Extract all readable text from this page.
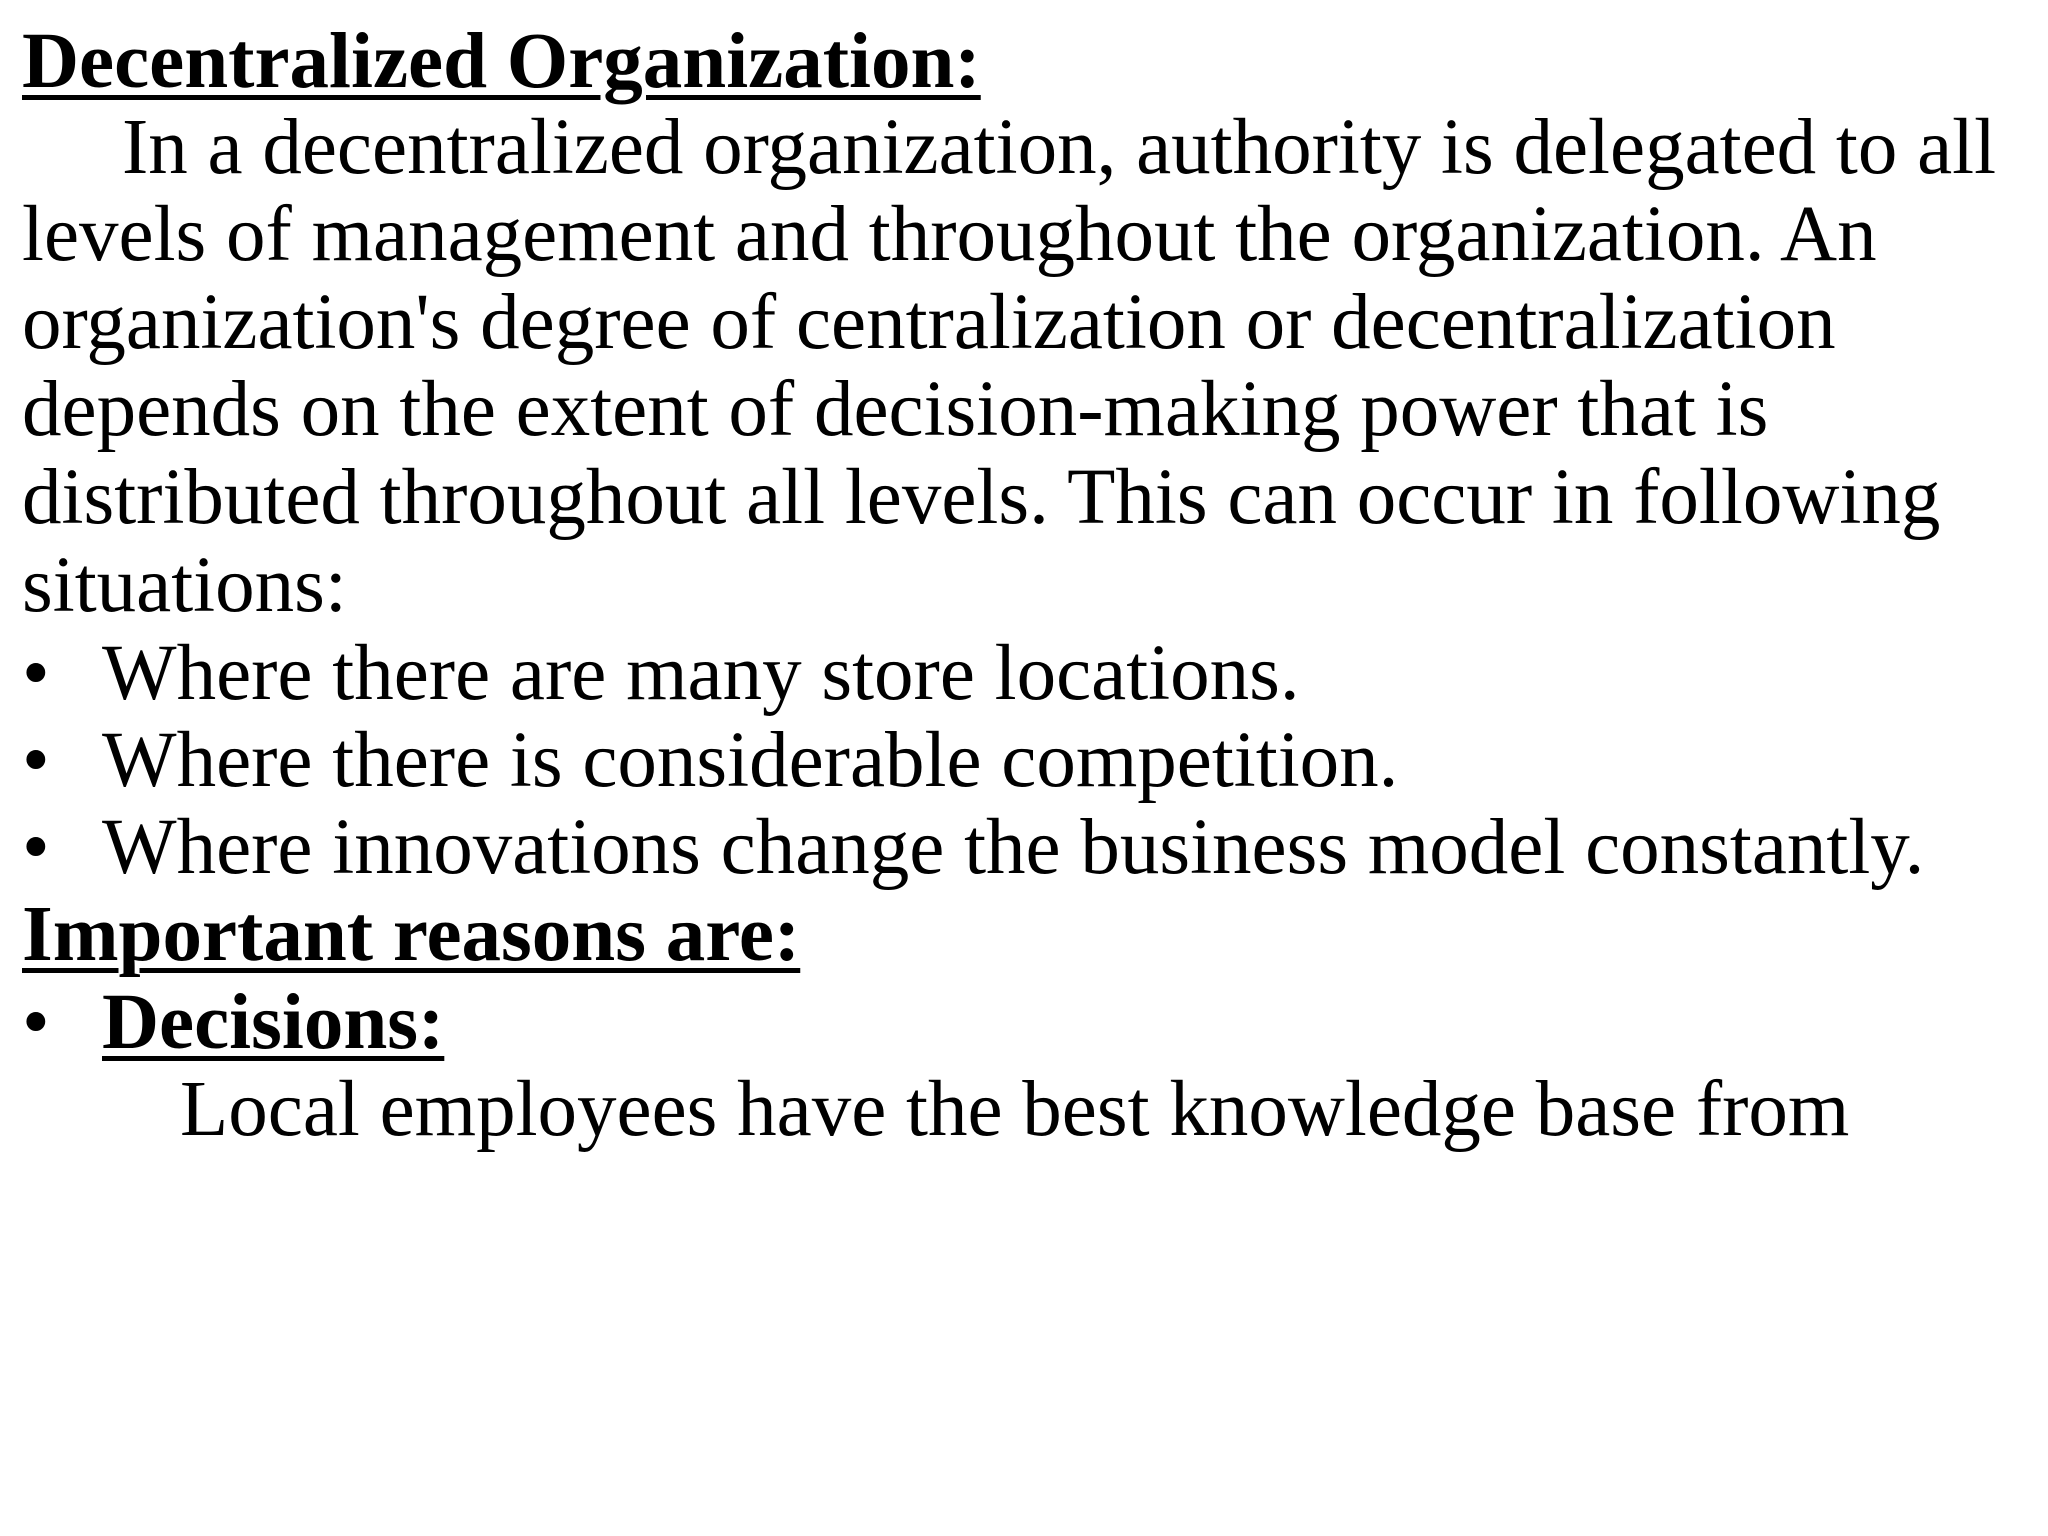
Decentralized Organization:
In a decentralized organization, authority is delegated to all
levels of management and throughout the organization. An
organization's degree of centralization or decentralization
depends on the extent of decision-making power that is
distributed throughout all levels. This can occur in following
situations:
• Where there are many store locations.
• Where there is considerable competition.
• Where innovations change the business model constantly.
Important reasons are:
• Decisions:
Local employees have the best knowledge base from
